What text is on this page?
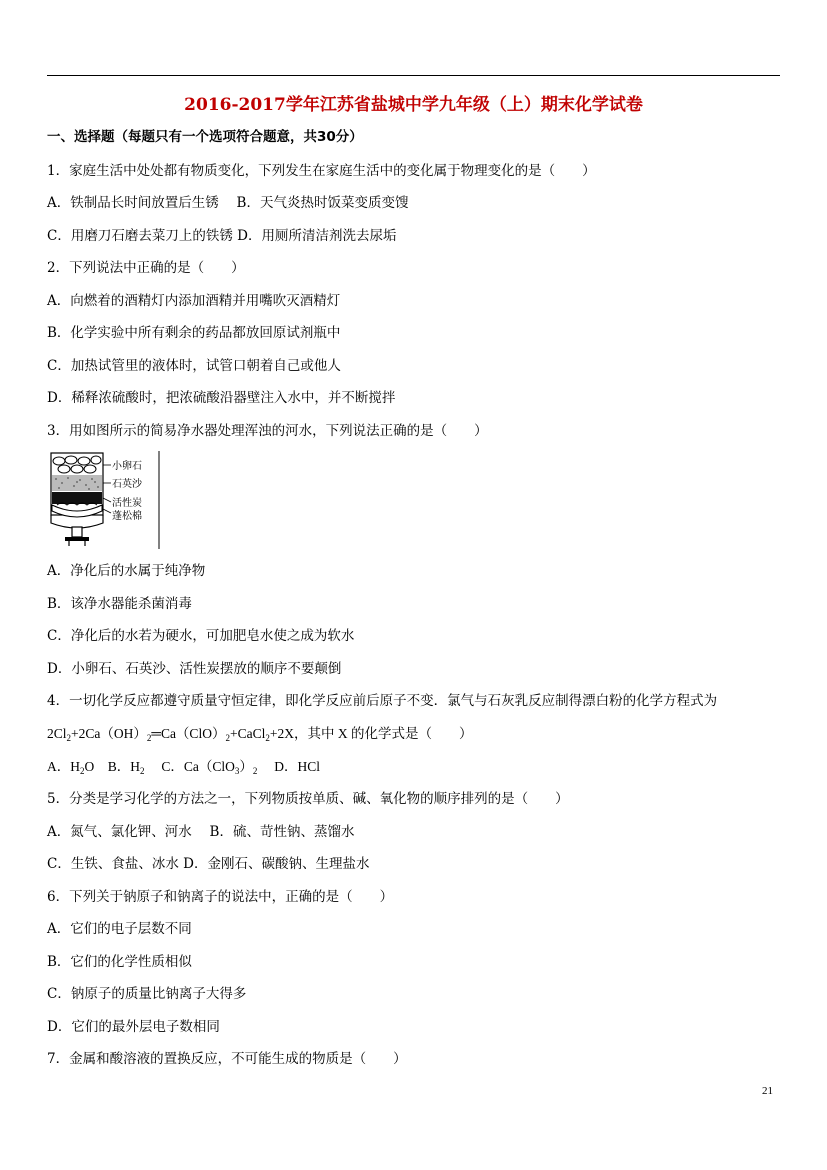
2016-2017学年江苏省盐城中学九年级（上）期末化学试卷
一、选择题（每题只有一个选项符合题意，共30分）
1．家庭生活中处处都有物质变化，下列发生在家庭生活中的变化属于物理变化的是（　　）
A．铁制品长时间放置后生锈　 B．天气炎热时饭菜变质变馊
C．用磨刀石磨去菜刀上的铁锈 D．用厕所清洁剂洗去尿垢
2．下列说法中正确的是（　　）
A．向燃着的酒精灯内添加酒精并用嘴吹灭酒精灯
B．化学实验中所有剩余的药品都放回原试剂瓶中
C．加热试管里的液体时，试管口朝着自己或他人
D．稀释浓硫酸时，把浓硫酸沿器壁注入水中，并不断搅拌
3．用如图所示的简易净水器处理浑浊的河水，下列说法正确的是（　　）
小卵石
石英沙
活性炭
蓬松棉
A．净化后的水属于纯净物
B．该净水器能杀菌消毒
C．净化后的水若为硬水，可加肥皂水使之成为软水
D．小卵石、石英沙、活性炭摆放的顺序不要颠倒
4．一切化学反应都遵守质量守恒定律，即化学反应前后原子不变．氯气与石灰乳反应制得漂白粉的化学方程式为
$2Cl_2+2Ca(OH)_2═Ca(ClO)_2+CaCl_2+2X$，其中 X 的化学式是（　　）
A．$H_2O$　B．$H_2$　 C．$Ca(ClO_3)_2$　 D．HCl
5．分类是学习化学的方法之一，下列物质按单质、碱、氧化物的顺序排列的是（　　）
A．氮气、氯化钾、河水　 B．硫、苛性钠、蒸馏水
C．生铁、食盐、冰水 D．金刚石、碳酸钠、生理盐水
6．下列关于钠原子和钠离子的说法中，正确的是（　　）
A．它们的电子层数不同
B．它们的化学性质相似
C．钠原子的质量比钠离子大得多
D．它们的最外层电子数相同
7．金属和酸溶液的置换反应，不可能生成的物质是（　　）
21
